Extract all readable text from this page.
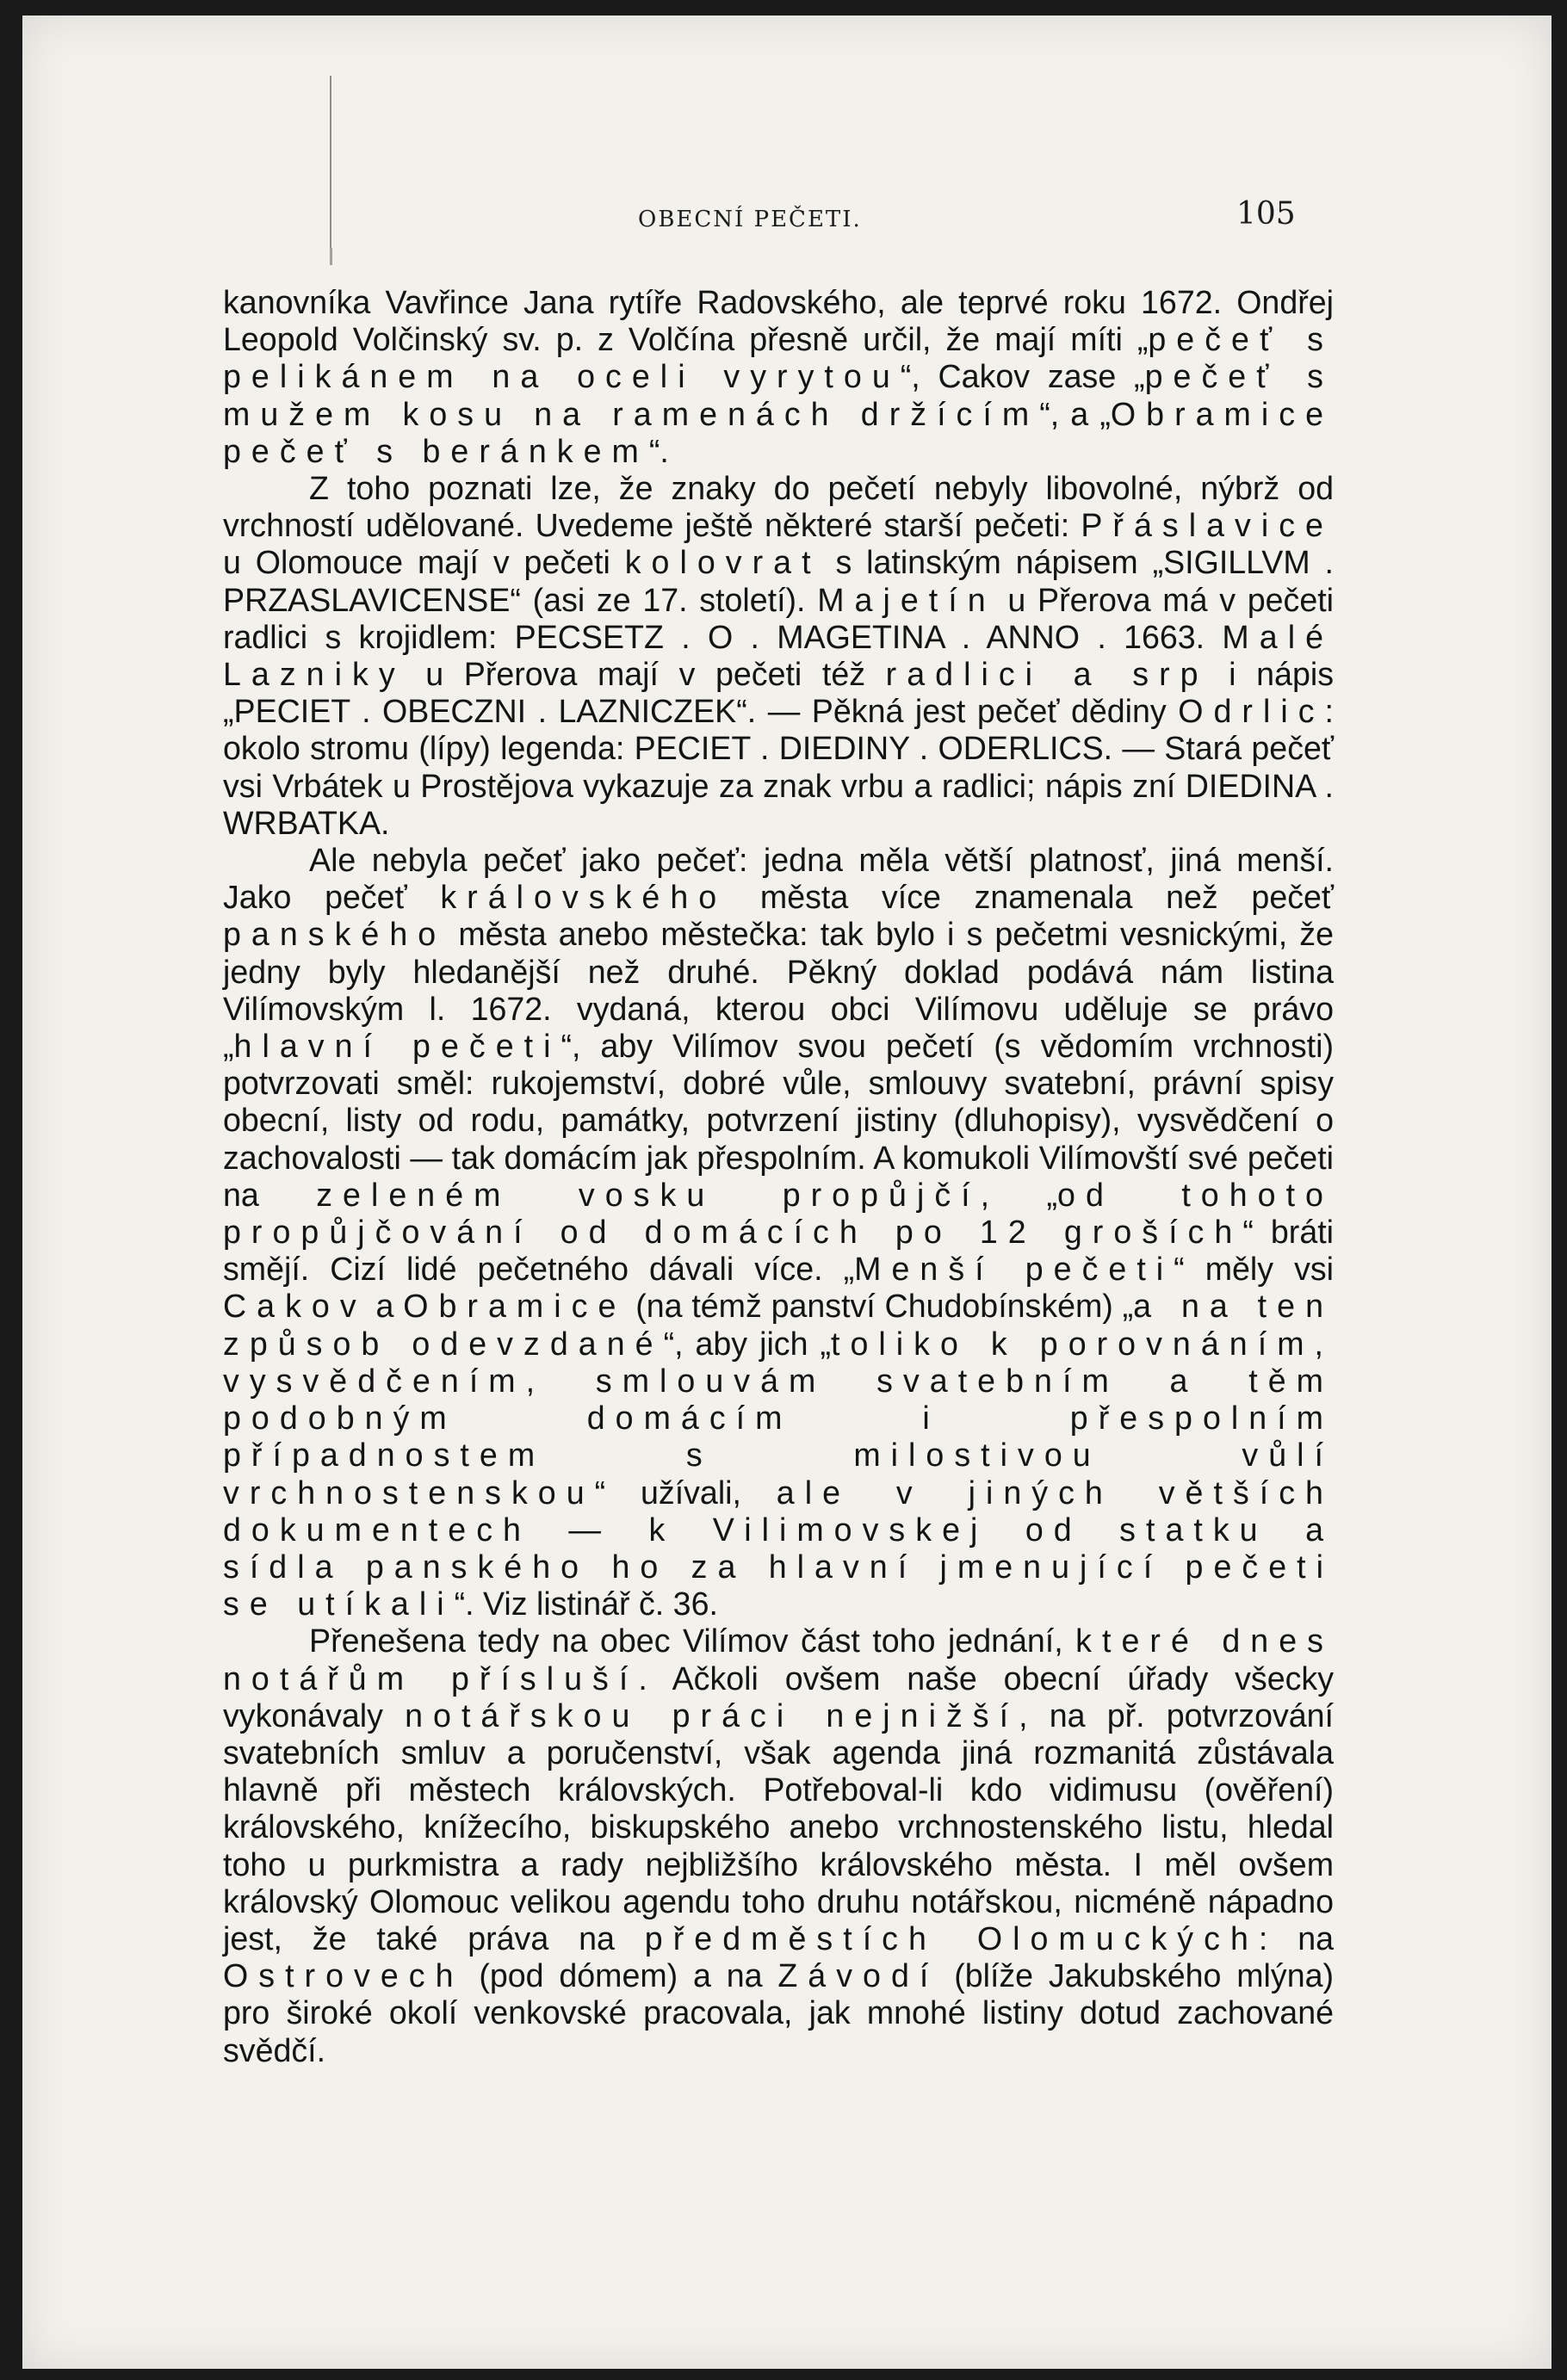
OBECNÍ PEČETI.	105

kanovníka Vavřince Jana rytíře Radovského, ale teprvé roku 1672. Ondřej Leopold Volčinský sv. p. z Volčína přesně určil, že mají míti „pečeť s pelikánem na oceli vyrytou“, Cakov zase „pečeť s mužem kosu na ramenách držícím“, a „Obramice pečeť s beránkem“.

Z toho poznati lze, že znaky do pečetí nebyly libovolné, nýbrž od vrchností udělované. Uvedeme ještě některé starší pečeti: Přáslavice u Olomouce mají v pečeti kolovrat s latinským nápisem „SIGILLVM . PRZASLAVICENSE“ (asi ze 17. století). Majetín u Přerova má v pečeti radlici s krojidlem: PECSETZ . O . MAGETINA . ANNO . 1663. Malé Lazniky u Přerova mají v pečeti též radlici a srp i nápis „PECIET . OBECZNI . LAZNICZEK“. — Pěkná jest pečeť dědiny Odrlic: okolo stromu (lípy) legenda: PECIET . DIEDINY . ODERLICS. — Stará pečeť vsi Vrbátek u Prostějova vykazuje za znak vrbu a radlici; nápis zní DIEDINA . WRBATKA.

Ale nebyla pečeť jako pečeť: jedna měla větší platnosť, jiná menší. Jako pečeť královského města více znamenala než pečeť panského města anebo městečka: tak bylo i s pečetmi vesnickými, že jedny byly hledanější než druhé. Pěkný doklad podává nám listina Vilímovským l. 1672. vydaná, kterou obci Vilímovu uděluje se právo „hlavní pečeti“, aby Vilímov svou pečetí (s vědomím vrchnosti) potvrzovati směl: rukojemství, dobré vůle, smlouvy svatební, právní spisy obecní, listy od rodu, památky, potvrzení jistiny (dluhopisy), vysvědčení o zachovalosti — tak domácím jak přespolním. A komukoli Vilímovští své pečeti na zeleném vosku propůjčí, „od tohoto propůjčování od domácích po 12 groších“ bráti smějí. Cizí lidé pečetného dávali více. „Menší pečeti“ měly vsi Cakov a Obramice (na témž panství Chudobínském) „a na ten způsob odevzdané“, aby jich „toliko k porovnáním, vysvědčením, smlouvám svatebním a těm podobným domácím i přespolním případnostem s milostivou vůlí vrchnostenskou“ užívali, ale v jiných větších dokumentech — k Vilimovskej od statku a sídla panského ho za hlavní jmenující pečeti se utíkali“. Viz listinář č. 36.

Přenešena tedy na obec Vilímov část toho jednání, které dnes notářům přísluší. Ačkoli ovšem naše obecní úřady všecky vykonávaly notářskou práci nejnižší, na př. potvrzování svatebních smluv a poručenství, však agenda jiná rozmanitá zůstávala hlavně při městech královských. Potřeboval-li kdo vidimusu (ověření) královského, knížecího, biskupského anebo vrchnostenského listu, hledal toho u purkmistra a rady nejbližšího královského města. I měl ovšem královský Olomouc velikou agendu toho druhu notářskou, nicméně nápadno jest, že také práva na předměstích Olomuckých: na Ostrovech (pod dómem) a na Závodí (blíže Jakubského mlýna) pro široké okolí venkovské pracovala, jak mnohé listiny dotud zachované svědčí.
